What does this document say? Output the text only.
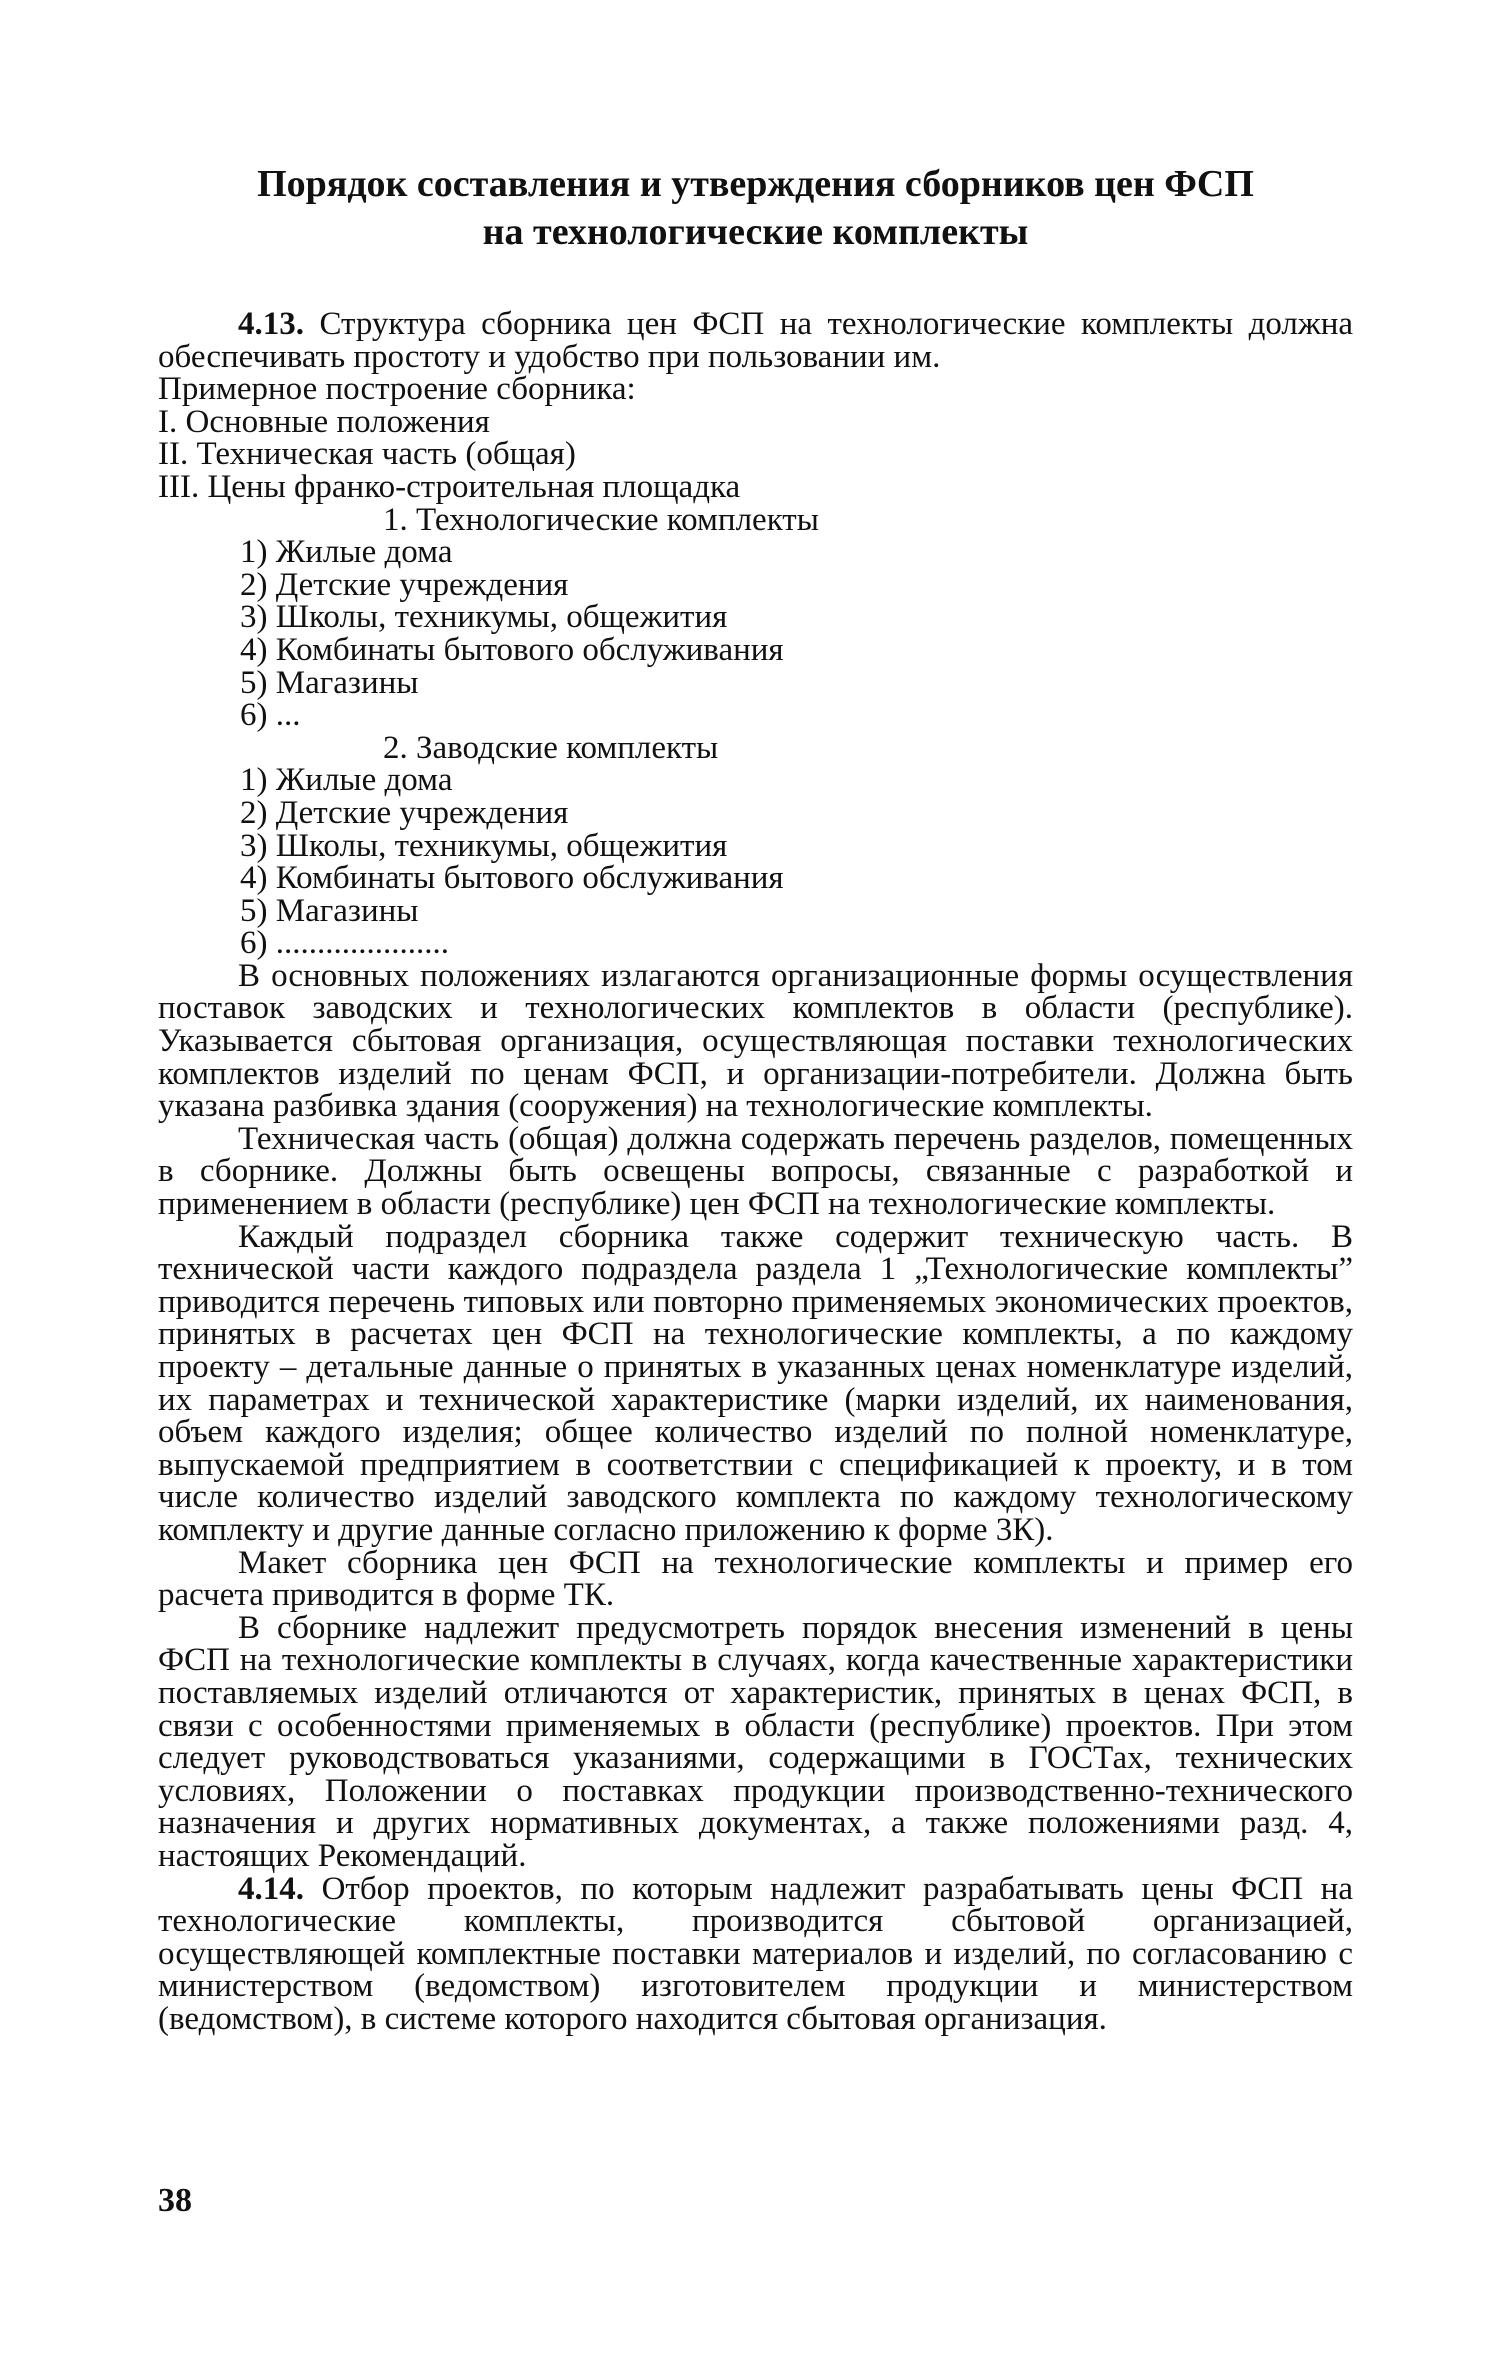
Порядок составления и утверждения сборников цен ФСП
на технологические комплекты

4.13. Структура сборника цен ФСП на технологические комплекты должна обеспечивать простоту и удобство при пользовании им.

Примерное построение сборника:

I. Основные положения

II. Техническая часть (общая)

III. Цены франко-строительная площадка

1. Технологические комплекты

1) Жилые дома

2) Детские учреждения

3) Школы, техникумы, общежития

4) Комбинаты бытового обслуживания

5) Магазины

6) ...

2. Заводские комплекты

1) Жилые дома

2) Детские учреждения

3) Школы, техникумы, общежития

4) Комбинаты бытового обслуживания

5) Магазины

6) .....................

В основных положениях излагаются организационные формы осуществления поставок заводских и технологических комплектов в области (республике). Указывается сбытовая организация, осуществляющая поставки технологических комплектов изделий по ценам ФСП, и организации-потребители. Должна быть указана разбивка здания (сооружения) на технологические комплекты.

Техническая часть (общая) должна содержать перечень разделов, помещенных в сборнике. Должны быть освещены вопросы, связанные с разработкой и применением в области (республике) цен ФСП на технологические комплекты.

Каждый подраздел сборника также содержит техническую часть. В технической части каждого подраздела раздела 1 „Технологические комплекты” приводится перечень типовых или повторно применяемых экономических проектов, принятых в расчетах цен ФСП на технологические комплекты, а по каждому проекту – детальные данные о принятых в указанных ценах номенклатуре изделий, их параметрах и технической характеристике (марки изделий, их наименования, объем каждого изделия; общее количество изделий по полной номенклатуре, выпускаемой предприятием в соответствии с спецификацией к проекту, и в том числе количество изделий заводского комплекта по каждому технологическому комплекту и другие данные согласно приложению к форме 3К).

Макет сборника цен ФСП на технологические комплекты и пример его расчета приводится в форме ТК.

В сборнике надлежит предусмотреть порядок внесения изменений в цены ФСП на технологические комплекты в случаях, когда качественные характеристики поставляемых изделий отличаются от характеристик, принятых в ценах ФСП, в связи с особенностями применяемых в области (республике) проектов. При этом следует руководствоваться указаниями, содержащими в ГОСТах, технических условиях, Положении о поставках продукции производственно-технического назначения и других нормативных документах, а также положениями разд. 4, настоящих Рекомендаций.

4.14. Отбор проектов, по которым надлежит разрабатывать цены ФСП на технологические комплекты, производится сбытовой организацией, осуществляющей комплектные поставки материалов и изделий, по согласованию с министерством (ведомством) изготовителем продукции и министерством (ведомством), в системе которого находится сбытовая организация.

38
